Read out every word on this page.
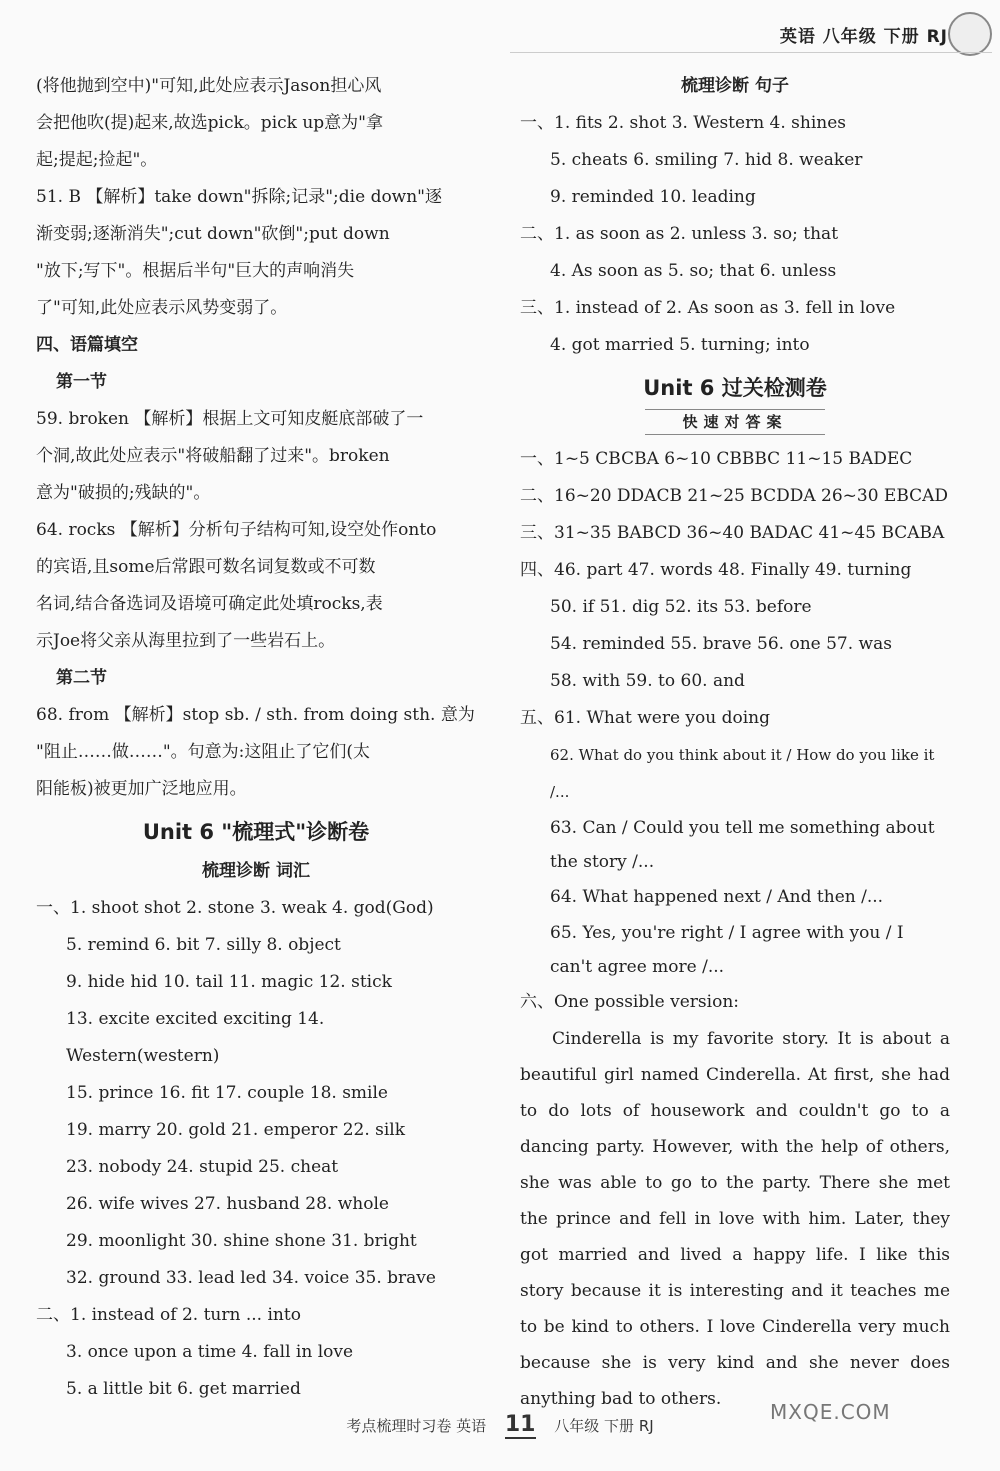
英语 八年级 下册 RJ

(将他抛到空中)"可知,此处应表示Jason担心风

会把他吹(提)起来,故选pick。pick up意为"拿

起;提起;捡起"。

51. B 【解析】take down"拆除;记录";die down"逐

渐变弱;逐渐消失";cut down"砍倒";put down

"放下;写下"。根据后半句"巨大的声响消失

了"可知,此处应表示风势变弱了。

四、语篇填空

第一节

59. broken 【解析】根据上文可知皮艇底部破了一

个洞,故此处应表示"将破船翻了过来"。broken

意为"破损的;残缺的"。

64. rocks 【解析】分析句子结构可知,设空处作onto

的宾语,且some后常跟可数名词复数或不可数

名词,结合备选词及语境可确定此处填rocks,表

示Joe将父亲从海里拉到了一些岩石上。

第二节

68. from 【解析】stop sb. / sth. from doing sth. 意为

"阻止……做……"。句意为:这阻止了它们(太

阳能板)被更加广泛地应用。

Unit 6 "梳理式"诊断卷
梳理诊断 词汇

一、1. shoot shot 2. stone 3. weak 4. god(God)

5. remind 6. bit 7. silly 8. object

9. hide hid 10. tail 11. magic 12. stick

13. excite excited exciting 14. Western(western)

15. prince 16. fit 17. couple 18. smile

19. marry 20. gold 21. emperor 22. silk

23. nobody 24. stupid 25. cheat

26. wife wives 27. husband 28. whole

29. moonlight 30. shine shone 31. bright

32. ground 33. lead led 34. voice 35. brave

二、1. instead of 2. turn ... into

3. once upon a time 4. fall in love

5. a little bit 6. get married

梳理诊断 句子

一、1. fits 2. shot 3. Western 4. shines

5. cheats 6. smiling 7. hid 8. weaker

9. reminded 10. leading

二、1. as soon as 2. unless 3. so; that

4. As soon as 5. so; that 6. unless

三、1. instead of 2. As soon as 3. fell in love

4. got married 5. turning; into

Unit 6 过关检测卷
快速对答案

一、1~5 CBCBA 6~10 CBBBC 11~15 BADEC

二、16~20 DDACB 21~25 BCDDA 26~30 EBCAD

三、31~35 BABCD 36~40 BADAC 41~45 BCABA

四、46. part 47. words 48. Finally 49. turning

50. if 51. dig 52. its 53. before

54. reminded 55. brave 56. one 57. was

58. with 59. to 60. and

五、61. What were you doing

62. What do you think about it / How do you like it /...

63. Can / Could you tell me something about the story /...

64. What happened next / And then /...

65. Yes, you're right / I agree with you / I can't agree more /...

六、One possible version:

Cinderella is my favorite story. It is about a beautiful girl named Cinderella. At first, she had to do lots of housework and couldn't go to a dancing party. However, with the help of others, she was able to go to the party. There she met the prince and fell in love with him. Later, they got married and lived a happy life. I like this story because it is interesting and it teaches me to be kind to others. I love Cinderella very much because she is very kind and she never does anything bad to others.

考点梳理时习卷 英语 11 八年级 下册 RJ
MXQE.COM
